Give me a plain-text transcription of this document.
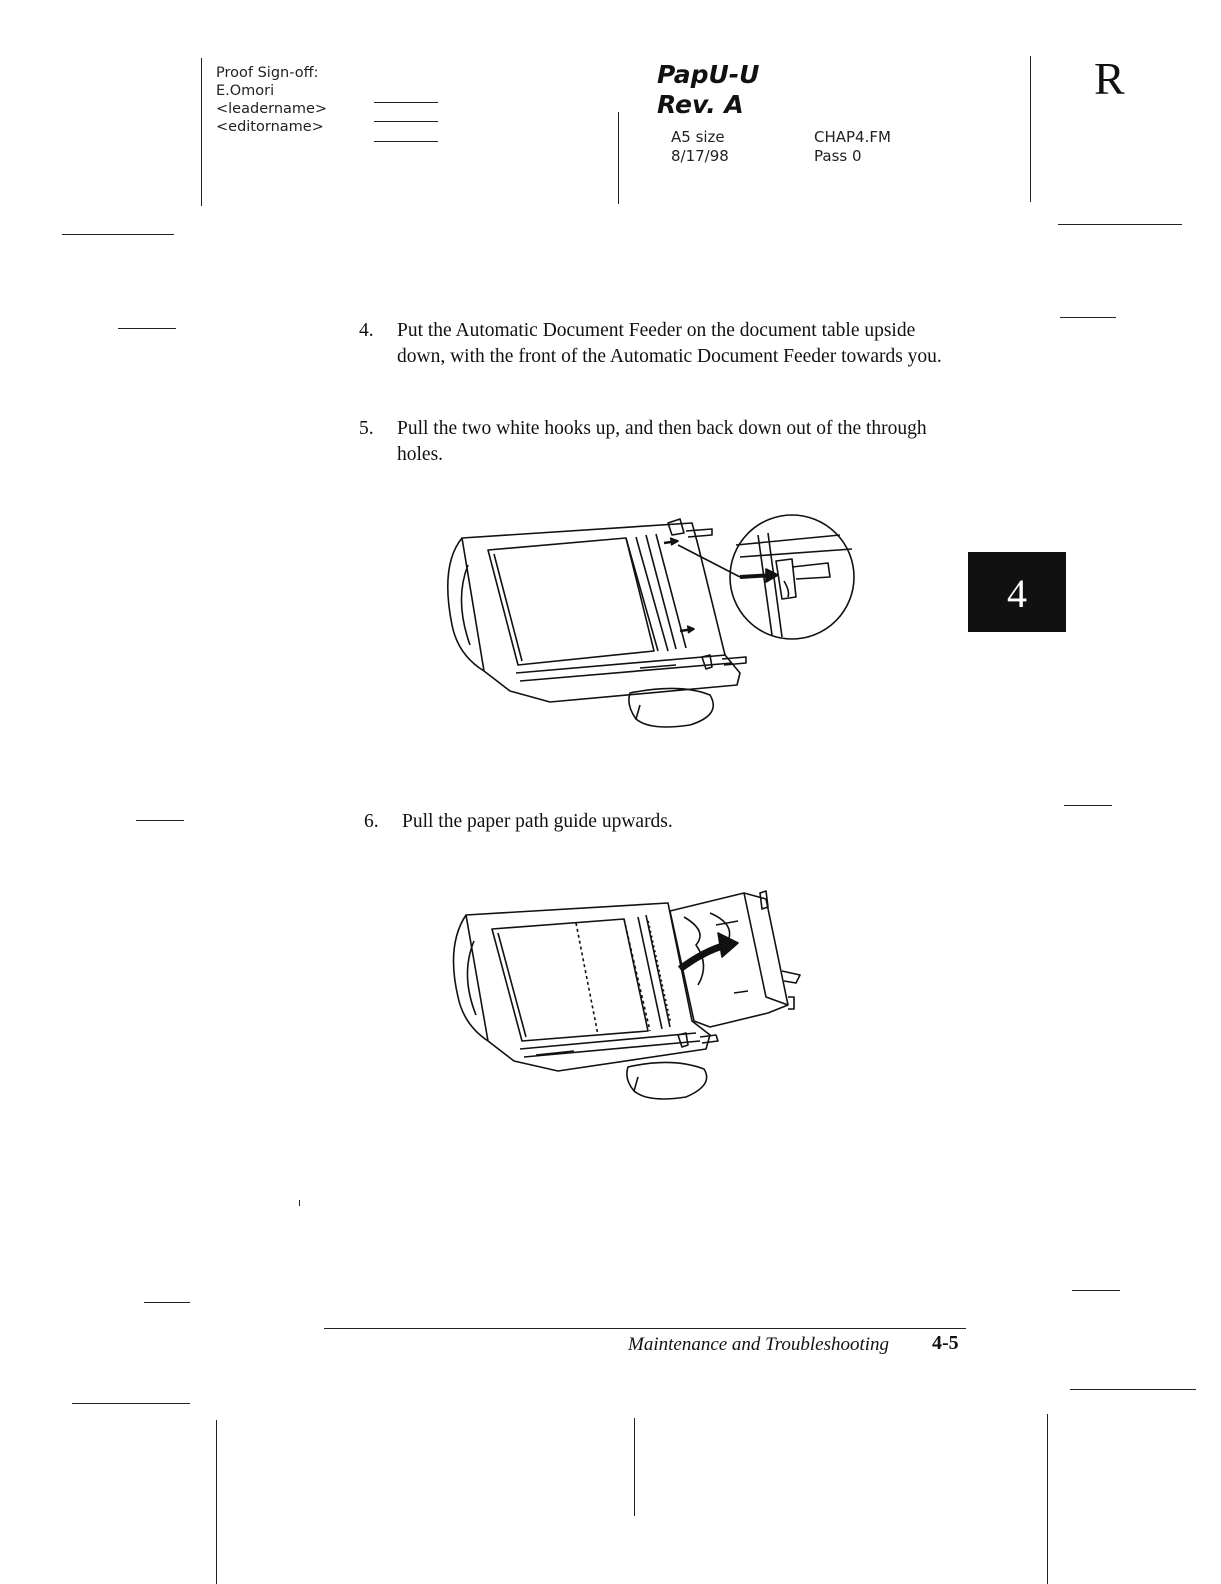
Proof Sign-off:
E.Omori
<leadername>
<editorname>
PapU-U
Rev. A
A5 size
8/17/98
CHAP4.FM
Pass 0
R
4. Put the Automatic Document Feeder on the document table upside down, with the front of the Automatic Document Feeder towards you.
5. Pull the two white hooks up, and then back down out of the through holes.
4
6. Pull the paper path guide upwards.
Maintenance and Troubleshooting 4-5
